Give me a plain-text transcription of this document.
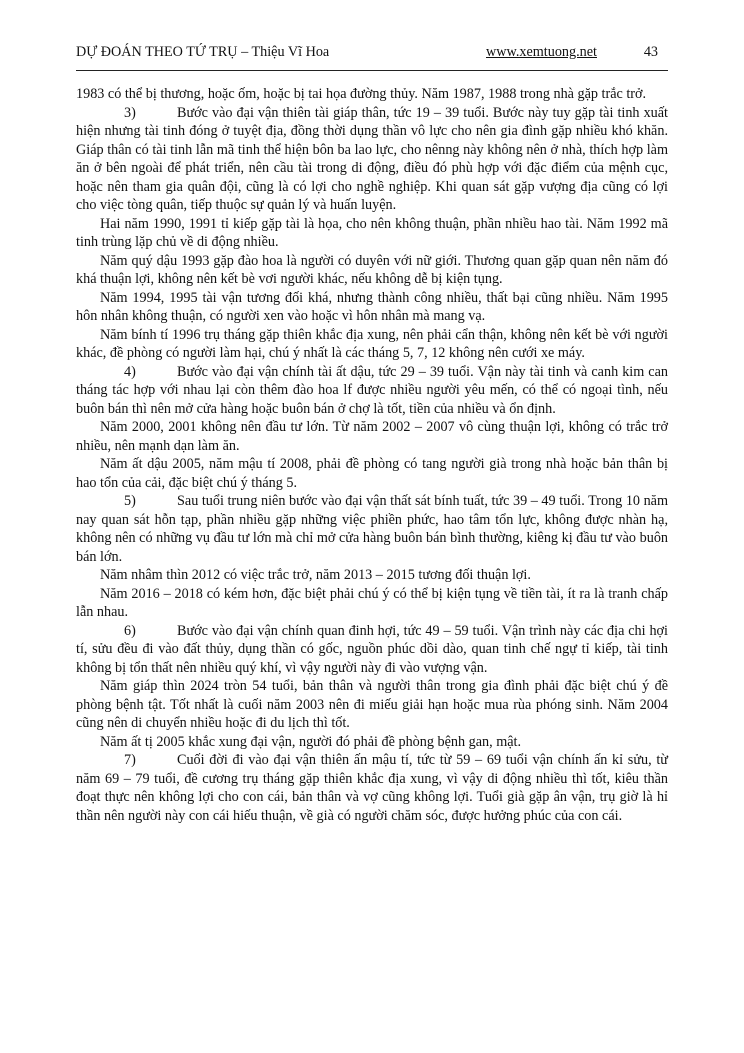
DỰ ĐOÁN THEO TỨ TRỤ – Thiệu Vĩ Hoa	www.xemtuong.net	43

1983 có thể bị thương, hoặc ốm, hoặc bị tai họa đường thủy. Năm 1987, 1988 trong nhà gặp trắc trở.

3)	Bước vào đại vận thiên tài giáp thân, tức 19 – 39 tuổi. Bước này tuy gặp tài tinh xuất hiện nhưng tài tinh đóng ở tuyệt địa, đồng thời dụng thần vô lực cho nên gia đình gặp nhiều khó khăn. Giáp thân có tài tinh lẫn mã tinh thể hiện bôn ba lao lực, cho nênng này không nên ở nhà, thích hợp làm ăn ở bên ngoài để phát triển, nên cầu tài trong di động, điều đó phù hợp với đặc điểm của mệnh cục, hoặc nên tham gia quân đội, cũng là có lợi cho nghề nghiệp. Khi quan sát gặp vượng địa cũng có lợi cho việc tòng quân, tiếp thuộc sự quản lý và huấn luyện.

Hai năm 1990, 1991 tỉ kiếp gặp tài là họa, cho nên không thuận, phần nhiều hao tài. Năm 1992 mã tinh trùng lặp chủ về di động nhiều.

Năm quý dậu 1993 gặp đào hoa là người có duyên với nữ giới. Thương quan gặp quan nên năm đó khá thuận lợi, không nên kết bè vơi người khác, nếu không dễ bị kiện tụng.

Năm 1994, 1995 tài vận tương đối khá, nhưng thành công nhiều, thất bại cũng nhiều. Năm 1995 hôn nhân không thuận, có người xen vào hoặc vì hôn nhân mà mang vạ.

Năm bính tí 1996 trụ tháng gặp thiên khắc địa xung, nên phải cẩn thận, không nên kết bè với người khác, đề phòng có người làm hại, chú ý nhất là các tháng 5, 7, 12 không nên cưới xe máy.

4)	Bước vào đại vận chính tài ất dậu, tức 29 – 39 tuổi. Vận này tài tinh và canh kim can tháng tác hợp với nhau lại còn thêm đào hoa lf được nhiều người yêu mến, có thể có ngoại tình, nếu buôn bán thì nên mở cửa hàng hoặc buôn bán ở chợ là tốt, tiền của nhiều và ổn định.

Năm 2000, 2001 không nên đầu tư lớn. Từ năm 2002 – 2007 vô cùng thuận lợi, không có trắc trở nhiều, nên mạnh dạn làm ăn.

Năm ất dậu 2005, năm mậu tí 2008, phải đề phòng có tang người già trong nhà hoặc bản thân bị hao tổn của cải, đặc biệt chú ý tháng 5.

5)	Sau tuổi trung niên bước vào đại vận thất sát bính tuất, tức 39 – 49 tuổi. Trong 10 năm nay quan sát hỗn tạp, phần nhiều gặp những việc phiền phức, hao tâm tổn lực, không được nhàn hạ, không nên có những vụ đầu tư lớn mà chỉ mở cửa hàng buôn bán bình thường, kiêng kị đầu tư vào buôn bán lớn.

Năm nhâm thìn 2012 có việc trắc trở, năm 2013 – 2015 tương đối thuận lợi.

Năm 2016 – 2018 có kém hơn, đặc biệt phải chú ý có thể bị kiện tụng về tiền tài, ít ra là tranh chấp lẫn nhau.

6)	Bước vào đại vận chính quan đinh hợi, tức 49 – 59 tuổi. Vận trình này các địa chi hợi tí, sửu đều đi vào đất thủy, dụng thần có gốc, nguồn phúc dồi dào, quan tinh chế ngự tỉ kiếp, tài tinh không bị tổn thất nên nhiều quý khí, vì vậy người này đi vào vượng vận.

Năm giáp thìn 2024 tròn 54 tuổi, bản thân và người thân trong gia đình phải đặc biệt chú ý đề phòng bệnh tật. Tốt nhất là cuối năm 2003 nên đi miếu giải hạn hoặc mua rùa phóng sinh. Năm 2004 cũng nên di chuyển nhiều hoặc đi du lịch thì tốt.

Năm ất tị 2005 khắc xung đại vận, người đó phải đề phòng bệnh gan, mật.

7)	Cuối đời đi vào đại vận thiên ấn mậu tí, tức từ 59 – 69 tuổi vận chính ấn kỉ sửu, từ năm 69 – 79 tuổi, đề cương trụ tháng gặp thiên khắc địa xung, vì vậy di động nhiều thì tốt, kiêu thần đoạt thực nên không lợi cho con cái, bản thân và vợ cũng không lợi. Tuổi già gặp ân vận, trụ giờ là hỉ thần nên người này con cái hiếu thuận, về già có người chăm sóc, được hưởng phúc của con cái.
